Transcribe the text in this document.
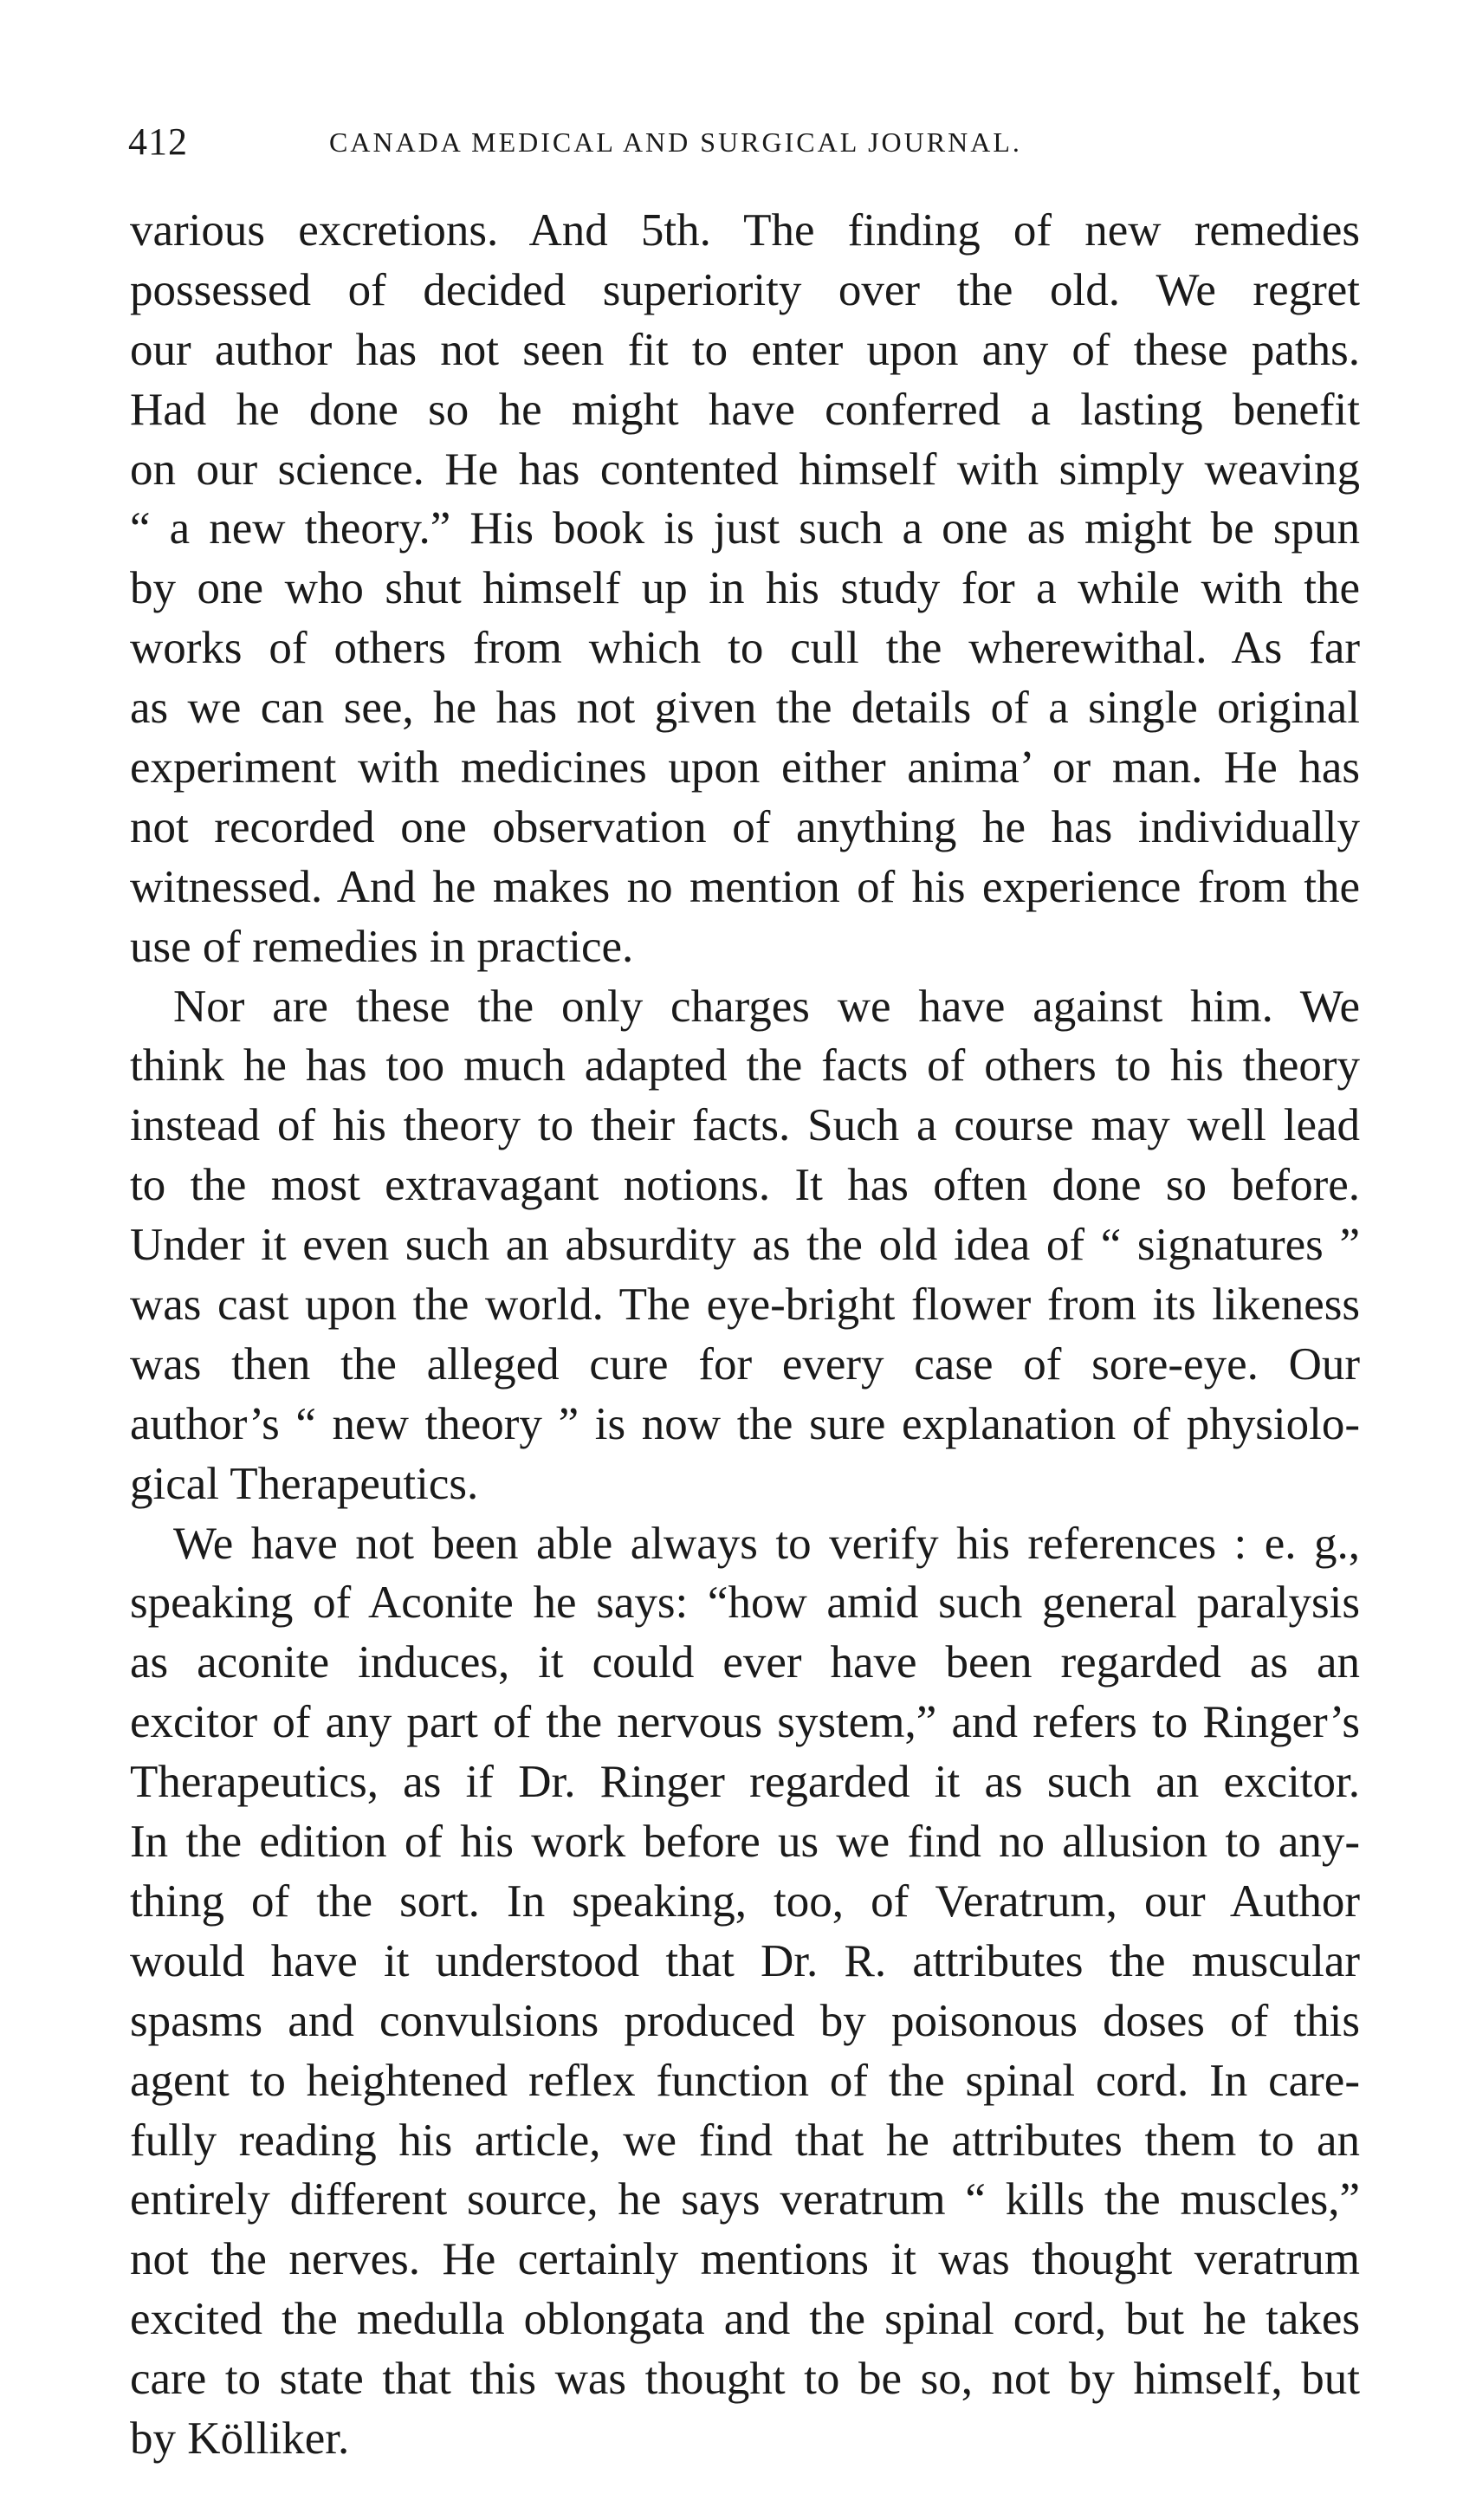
412	CANADA MEDICAL AND SURGICAL JOURNAL.
various excretions. And 5th. The finding of new remedies
possessed of decided superiority over the old. We regret
our author has not seen fit to enter upon any of these paths.
Had he done so he might have conferred a lasting benefit
on our science. He has contented himself with simply weaving
“ a new theory.” His book is just such a one as might be spun
by one who shut himself up in his study for a while with the
works of others from which to cull the wherewithal. As far
as we can see, he has not given the details of a single original
experiment with medicines upon either anima’ or man. He has
not recorded one observation of anything he has individually
witnessed. And he makes no mention of his experience from the
use of remedies in practice.
Nor are these the only charges we have against him. We
think he has too much adapted the facts of others to his theory
instead of his theory to their facts. Such a course may well lead
to the most extravagant notions. It has often done so before.
Under it even such an absurdity as the old idea of “ signatures ”
was cast upon the world. The eye-bright flower from its likeness
was then the alleged cure for every case of sore-eye. Our
author’s “ new theory ” is now the sure explanation of physiolo-
gical Therapeutics.
We have not been able always to verify his references : e. g.,
speaking of Aconite he says: “how amid such general paralysis
as aconite induces, it could ever have been regarded as an
excitor of any part of the nervous system,” and refers to Ringer’s
Therapeutics, as if Dr. Ringer regarded it as such an excitor.
In the edition of his work before us we find no allusion to any-
thing of the sort. In speaking, too, of Veratrum, our Author
would have it understood that Dr. R. attributes the muscular
spasms and convulsions produced by poisonous doses of this
agent to heightened reflex function of the spinal cord. In care-
fully reading his article, we find that he attributes them to an
entirely different source, he says veratrum “ kills the muscles,”
not the nerves. He certainly mentions it was thought veratrum
excited the medulla oblongata and the spinal cord, but he takes
care to state that this was thought to be so, not by himself, but
by Kölliker.
